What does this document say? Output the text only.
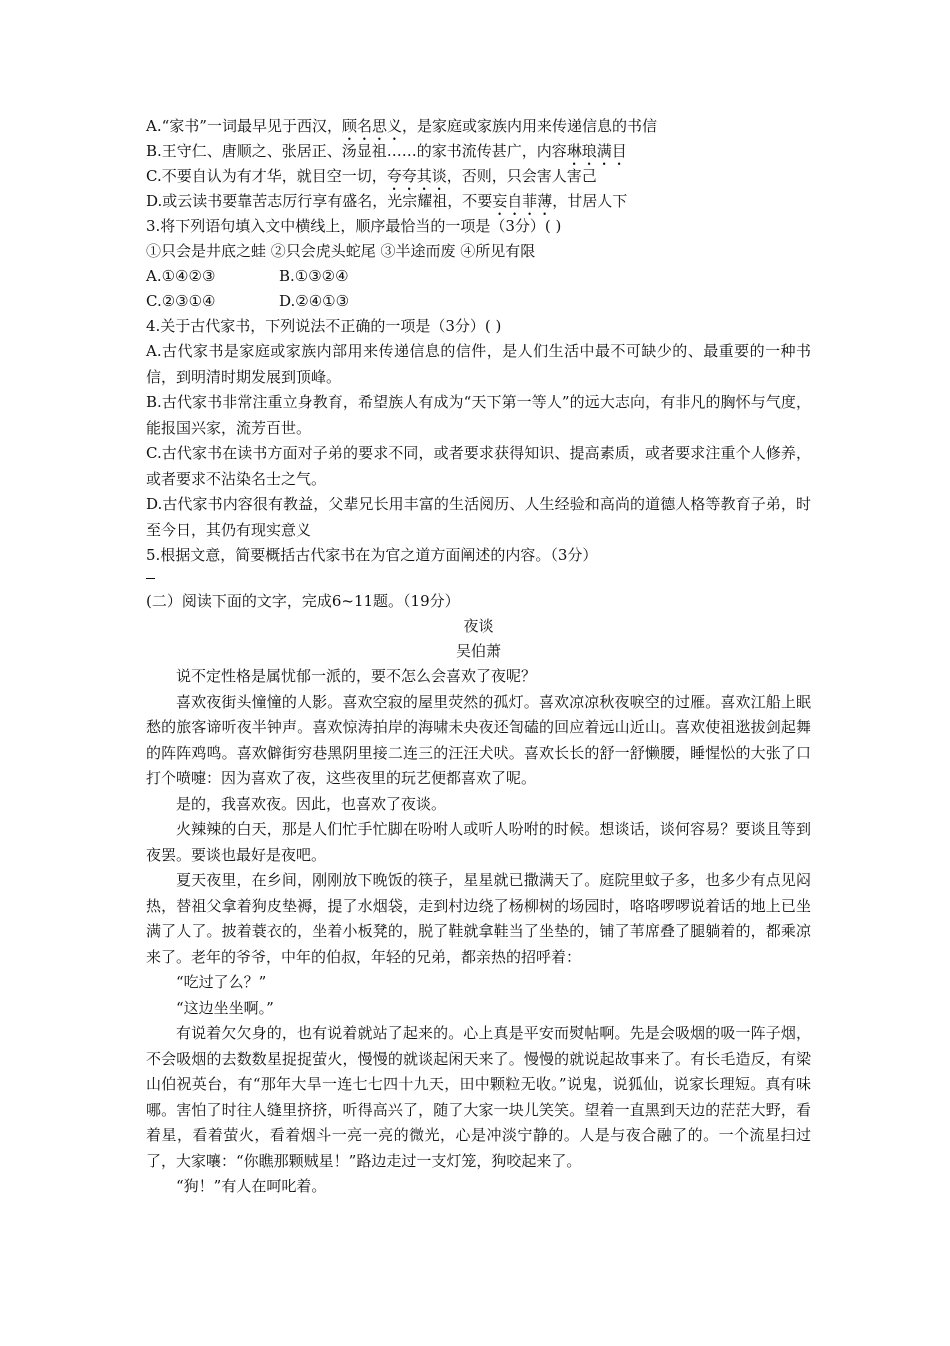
A.“家书”一词最早见于西汉，顾名思义，是家庭或家族内用来传递信息的书信
B.王守仁、唐顺之、张居正、汤显祖……的家书流传甚广，内容琳琅满目
C.不要自认为有才华，就目空一切，夸夸其谈，否则，只会害人害己
D.或云读书要靠苦志厉行享有盛名，光宗耀祖，不要妄自菲薄，甘居人下
3.将下列语句填入文中横线上，顺序最恰当的一项是（3分）( )
①只会是井底之蛙 ②只会虎头蛇尾 ③半途而废 ④所见有限
A.①④②③	B.①③②④
C.②③①④	D.②④①③
4.关于古代家书，下列说法不正确的一项是（3分）( )
A.古代家书是家庭或家族内部用来传递信息的信件，是人们生活中最不可缺少的、最重要的一种书信，到明清时期发展到顶峰。
B.古代家书非常注重立身教育，希望族人有成为“天下第一等人”的远大志向，有非凡的胸怀与气度，能报国兴家，流芳百世。
C.古代家书在读书方面对子弟的要求不同，或者要求获得知识、提高素质，或者要求注重个人修养，或者要求不沾染名士之气。
D.古代家书内容很有教益，父辈兄长用丰富的生活阅历、人生经验和高尚的道德人格等教育子弟，时至今日，其仍有现实意义
5.根据文意，简要概括古代家书在为官之道方面阐述的内容。（3分）
(二）阅读下面的文字，完成6~11题。（19分）
夜谈
吴伯萧
说不定性格是属忧郁一派的，要不怎么会喜欢了夜呢？
喜欢夜街头憧憧的人影。喜欢空寂的屋里荧然的孤灯。喜欢凉凉秋夜唳空的过雁。喜欢江船上眠愁的旅客谛听夜半钟声。喜欢惊涛拍岸的海啸未央夜还訇磕的回应着远山近山。喜欢使祖逖拔剑起舞的阵阵鸡鸣。喜欢僻街穷巷黑阴里接二连三的汪汪犬吠。喜欢长长的舒一舒懒腰，睡惺忪的大张了口打个喷嚏：因为喜欢了夜，这些夜里的玩艺便都喜欢了呢。
是的，我喜欢夜。因此，也喜欢了夜谈。
火辣辣的白天，那是人们忙手忙脚在吩咐人或听人吩咐的时候。想谈话，谈何容易？要谈且等到夜罢。要谈也最好是夜吧。
夏天夜里，在乡间，刚刚放下晚饭的筷子，星星就已撒满天了。庭院里蚊子多，也多少有点见闷热，替祖父拿着狗皮垫褥，提了水烟袋，走到村边绕了杨柳树的场园时，咯咯啰啰说着话的地上已坐满了人了。披着蓑衣的，坐着小板凳的，脱了鞋就拿鞋当了坐垫的，铺了苇席叠了腿躺着的，都乘凉来了。老年的爷爷，中年的伯叔，年轻的兄弟，都亲热的招呼着：
“吃过了么？”
“这边坐坐啊。”
有说着欠欠身的，也有说着就站了起来的。心上真是平安而熨帖啊。先是会吸烟的吸一阵子烟，不会吸烟的去数数星捉捉萤火，慢慢的就谈起闲天来了。慢慢的就说起故事来了。有长毛造反，有梁山伯祝英台，有“那年大旱一连七七四十九天，田中颗粒无收。”说鬼，说狐仙，说家长理短。真有味哪。害怕了时往人缝里挤挤，听得高兴了，随了大家一块儿笑笑。望着一直黑到天边的茫茫大野，看着星，看着萤火，看着烟斗一亮一亮的微光，心是冲淡宁静的。人是与夜合融了的。一个流星扫过了，大家嚷：“你瞧那颗贼星！”路边走过一支灯笼，狗咬起来了。
“狗！”有人在呵叱着。
